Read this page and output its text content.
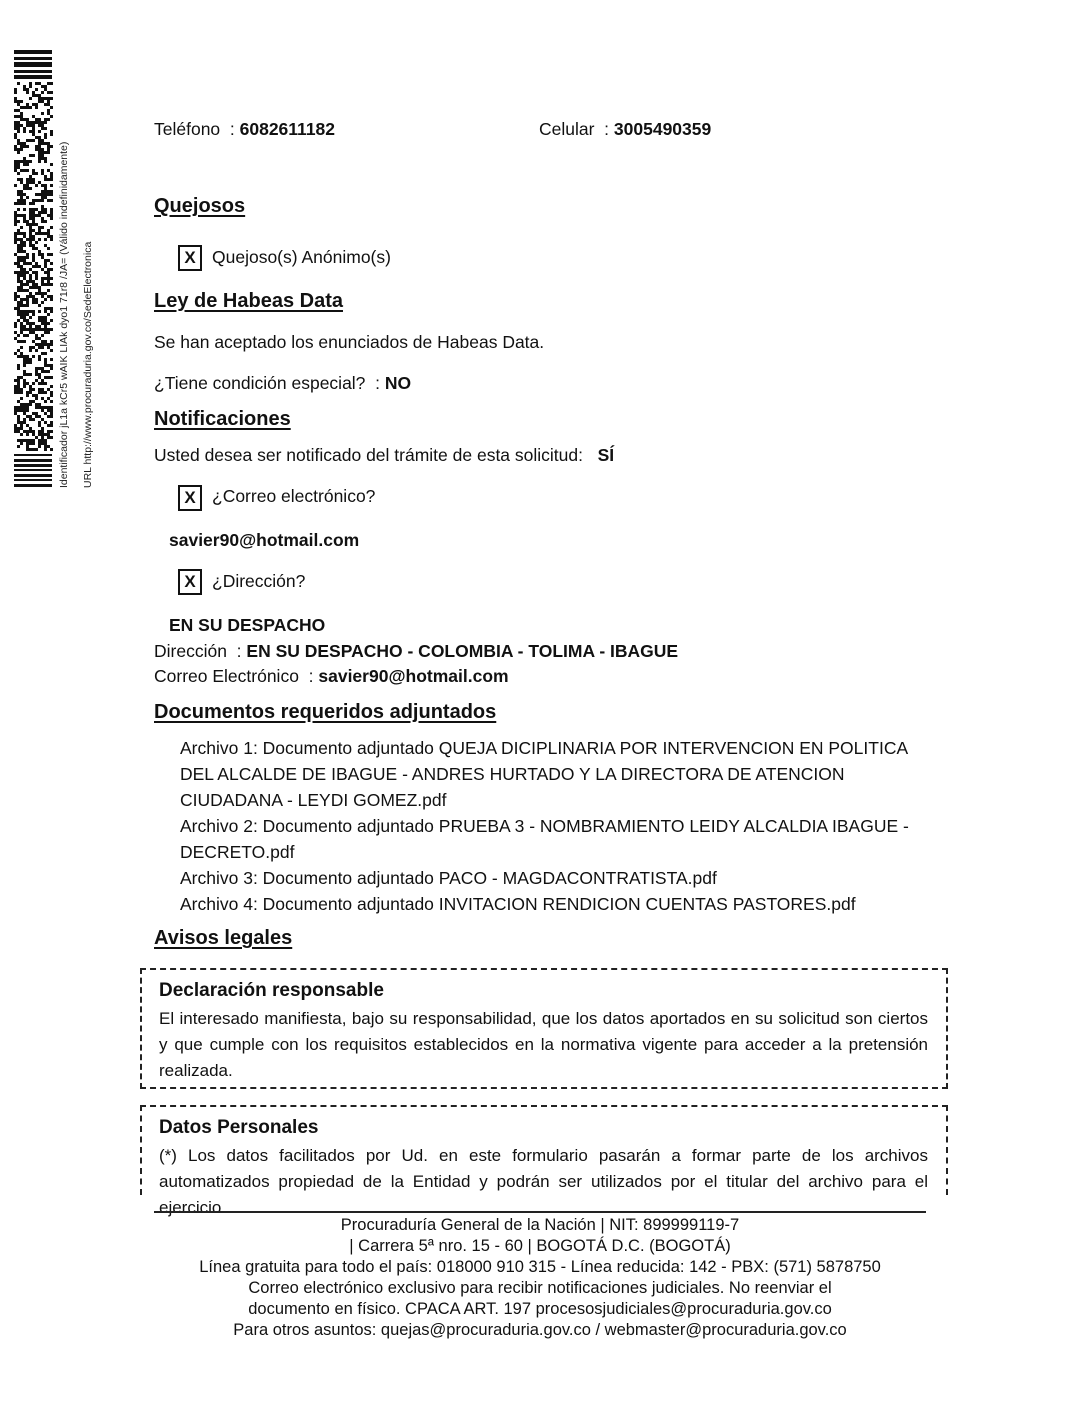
Identificador jL1a kCr5 wAIK LIAk dyo1 71r8 /JA= (Válido indefinidamente) URL http://www.procuraduria.gov.co/SedeElectronica
Teléfono  : 6082611182	Celular  : 3005490359
Quejosos
X Quejoso(s) Anónimo(s)
Ley de Habeas Data
Se han aceptado los enunciados de Habeas Data.
¿Tiene condición especial?  : NO
Notificaciones
Usted desea ser notificado del trámite de esta solicitud: SÍ
X ¿Correo electrónico?
savier90@hotmail.com
X ¿Dirección?
EN SU DESPACHO
Dirección  : EN SU DESPACHO - COLOMBIA - TOLIMA - IBAGUE
Correo Electrónico  : savier90@hotmail.com
Documentos requeridos adjuntados
Archivo 1: Documento adjuntado QUEJA DICIPLINARIA POR INTERVENCION EN POLITICA DEL ALCALDE DE IBAGUE - ANDRES HURTADO Y LA DIRECTORA DE ATENCION CIUDADANA - LEYDI GOMEZ.pdf
Archivo 2: Documento adjuntado PRUEBA 3 - NOMBRAMIENTO LEIDY ALCALDIA IBAGUE - DECRETO.pdf
Archivo 3: Documento adjuntado PACO - MAGDACONTRATISTA.pdf
Archivo 4: Documento adjuntado INVITACION RENDICION CUENTAS PASTORES.pdf
Avisos legales
Declaración responsable
El interesado manifiesta, bajo su responsabilidad, que los datos aportados en su solicitud son ciertos y que cumple con los requisitos establecidos en la normativa vigente para acceder a la pretensión realizada.
Datos Personales
(*) Los datos facilitados por Ud. en este formulario pasarán a formar parte de los archivos automatizados propiedad de la Entidad y podrán ser utilizados por el titular del archivo para el ejercicio
Procuraduría General de la Nación | NIT: 899999119-7
| Carrera 5ª nro. 15 - 60 | BOGOTÁ D.C. (BOGOTÁ)
Línea gratuita para todo el país: 018000 910 315 - Línea reducida: 142 - PBX: (571) 5878750
Correo electrónico exclusivo para recibir notificaciones judiciales. No reenviar el
documento en físico. CPACA ART. 197 procesosjudiciales@procuraduria.gov.co
Para otros asuntos: quejas@procuraduria.gov.co / webmaster@procuraduria.gov.co
